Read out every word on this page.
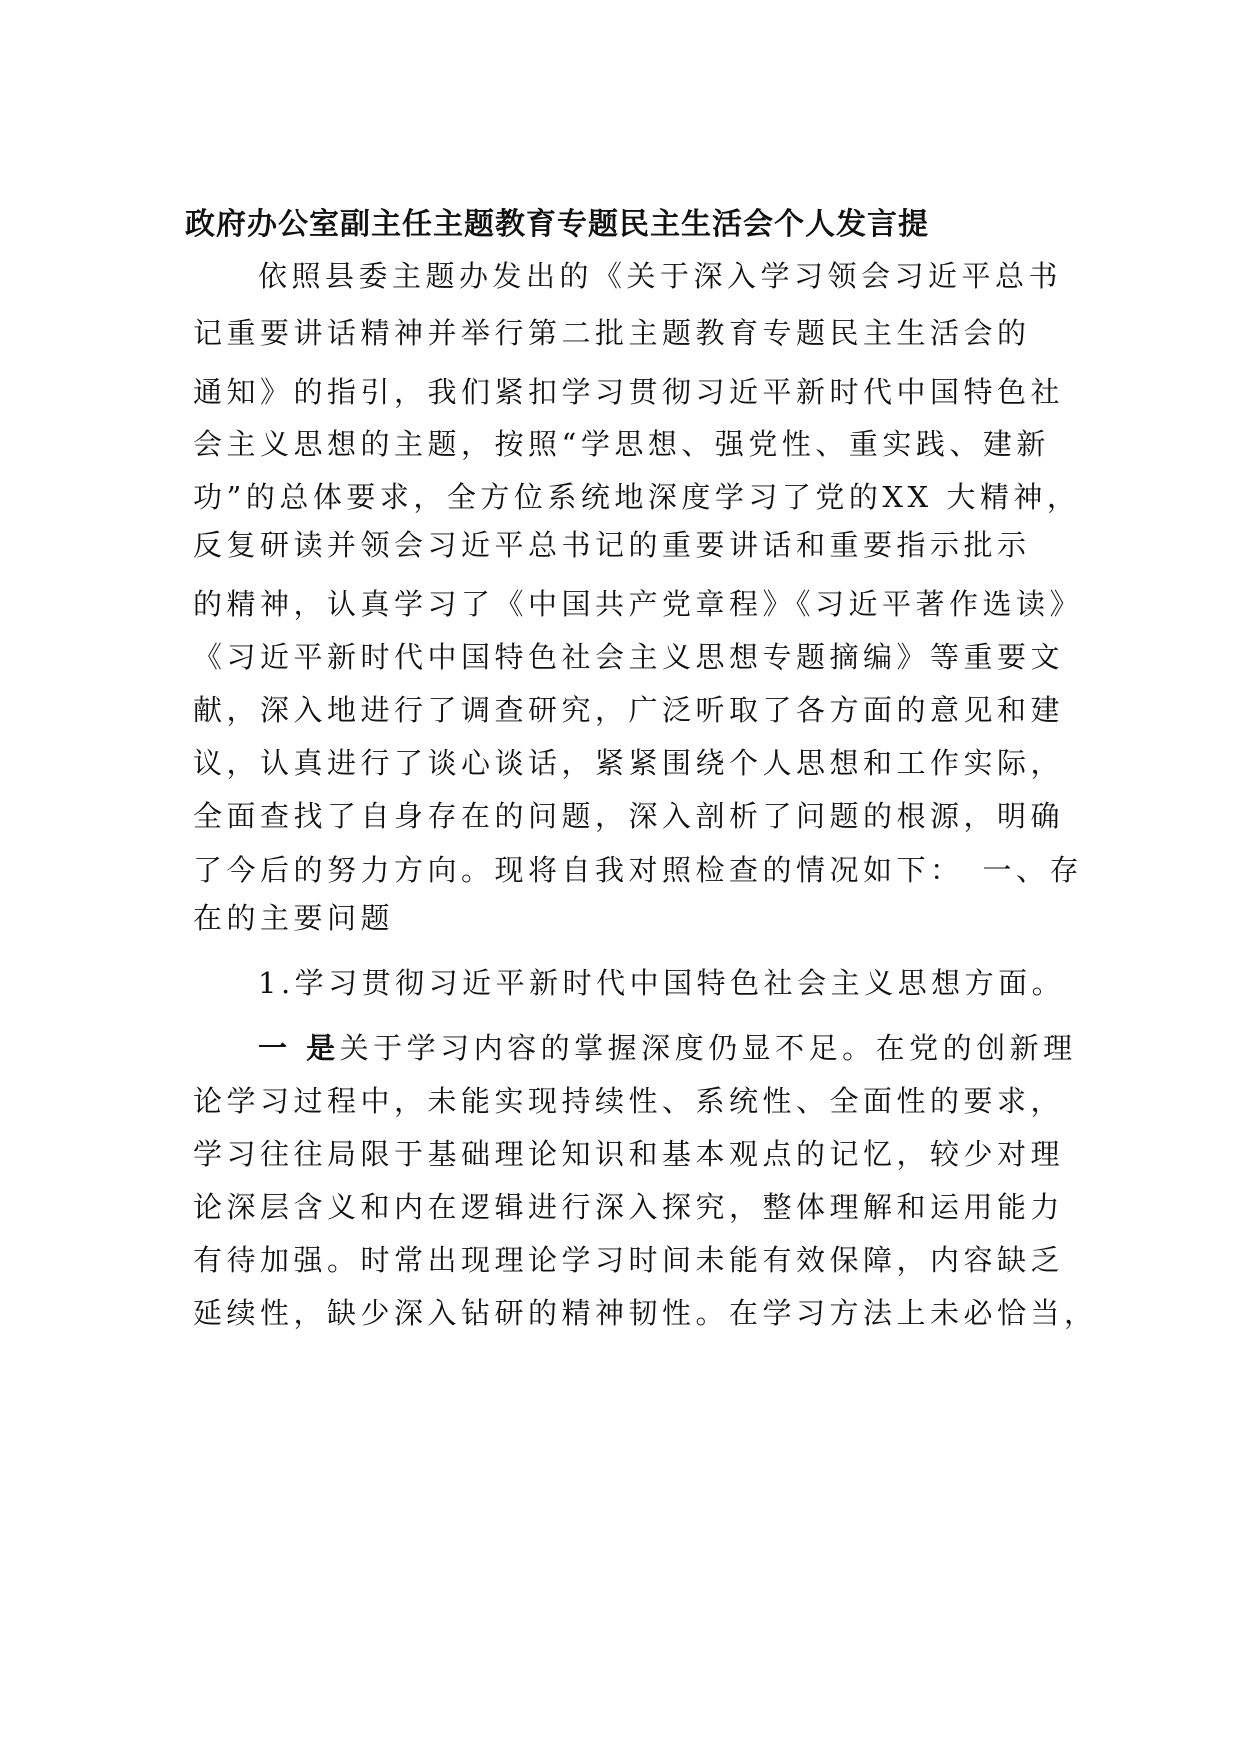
政府办公室副主任主题教育专题民主生活会个人发言提
依照县委主题办发出的《关于深入学习领会习近平总书
记重要讲话精神并举行第二批主题教育专题民主生活会的
通知》的指引，我们紧扣学习贯彻习近平新时代中国特色社
会主义思想的主题，按照“学思想、强党性、重实践、建新
功”的总体要求，全方位系统地深度学习了党的XX 大精神，
反复研读并领会习近平总书记的重要讲话和重要指示批示
的精神，认真学习了《中国共产党章程》《习近平著作选读》
《习近平新时代中国特色社会主义思想专题摘编》等重要文
献，深入地进行了调查研究，广泛听取了各方面的意见和建
议，认真进行了谈心谈话，紧紧围绕个人思想和工作实际，
全面查找了自身存在的问题，深入剖析了问题的根源，明确
了今后的努力方向。现将自我对照检查的情况如下：　一、存
在的主要问题
1.学习贯彻习近平新时代中国特色社会主义思想方面。
一 是关于学习内容的掌握深度仍显不足。在党的创新理
论学习过程中，未能实现持续性、系统性、全面性的要求，
学习往往局限于基础理论知识和基本观点的记忆，较少对理
论深层含义和内在逻辑进行深入探究，整体理解和运用能力
有待加强。时常出现理论学习时间未能有效保障，内容缺乏
延续性，缺少深入钻研的精神韧性。在学习方法上未必恰当，
